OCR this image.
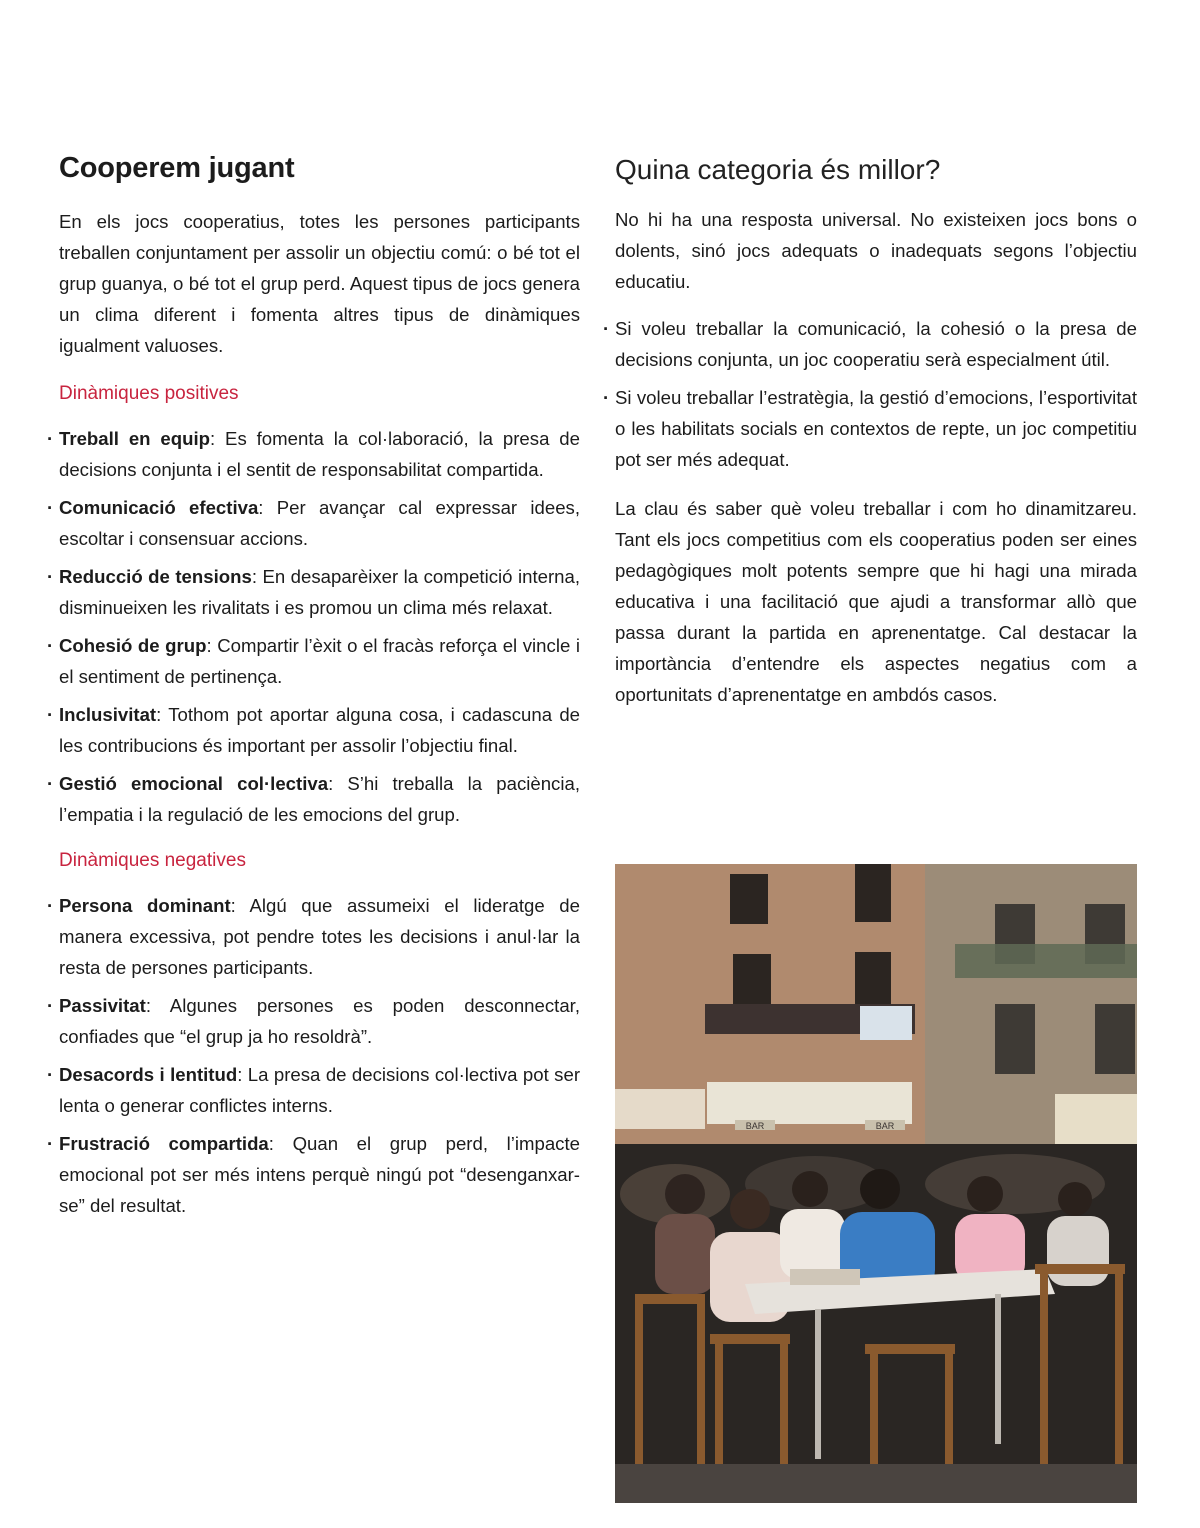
Cooperem jugant

En els jocs cooperatius, totes les persones participants treballen conjuntament per assolir un objectiu comú: o bé tot el grup guanya, o bé tot el grup perd. Aquest tipus de jocs genera un clima diferent i fomenta altres tipus de dinàmiques igualment valuoses.

Dinàmiques positives
· Treball en equip: Es fomenta la col·laboració, la presa de decisions conjunta i el sentit de responsabilitat compartida.
· Comunicació efectiva: Per avançar cal expressar idees, escoltar i consensuar accions.
· Reducció de tensions: En desaparèixer la competició interna, disminueixen les rivalitats i es promou un clima més relaxat.
· Cohesió de grup: Compartir l’èxit o el fracàs reforça el vincle i el sentiment de pertinença.
· Inclusivitat: Tothom pot aportar alguna cosa, i cadascuna de les contribucions és important per assolir l’objectiu final.
· Gestió emocional col·lectiva: S’hi treballa la paciència, l’empatia i la regulació de les emocions del grup.
Dinàmiques negatives
· Persona dominant: Algú que assumeixi el lideratge de manera excessiva, pot pendre totes les decisions i anul·lar la resta de persones participants.
· Passivitat: Algunes persones es poden desconnectar, confiades que “el grup ja ho resoldrà”.
· Desacords i lentitud: La presa de decisions col·lectiva pot ser lenta o generar conflictes interns.
· Frustració compartida: Quan el grup perd, l’impacte emocional pot ser més intens perquè ningú pot “desenganxar-se” del resultat.
Quina categoria és millor?

No hi ha una resposta universal. No existeixen jocs bons o dolents, sinó jocs adequats o inadequats segons l’objectiu educatiu.

· Si voleu treballar la comunicació, la cohesió o la presa de decisions conjunta, un joc cooperatiu serà especialment útil.
· Si voleu treballar l’estratègia, la gestió d’emocions, l’esportivitat o les habilitats socials en contextos de repte, un joc competitiu pot ser més adequat.

La clau és saber què voleu treballar i com ho dinamitzareu. Tant els jocs competitius com els cooperatius poden ser eines pedagògiques molt potents sempre que hi hagi una mirada educativa i una facilitació que ajudi a transformar allò que passa durant la partida en aprenentatge. Cal destacar la importància d’entendre els aspectes negatius com a oportunitats d’aprenentatge en ambdós casos.

BAR	BAR
